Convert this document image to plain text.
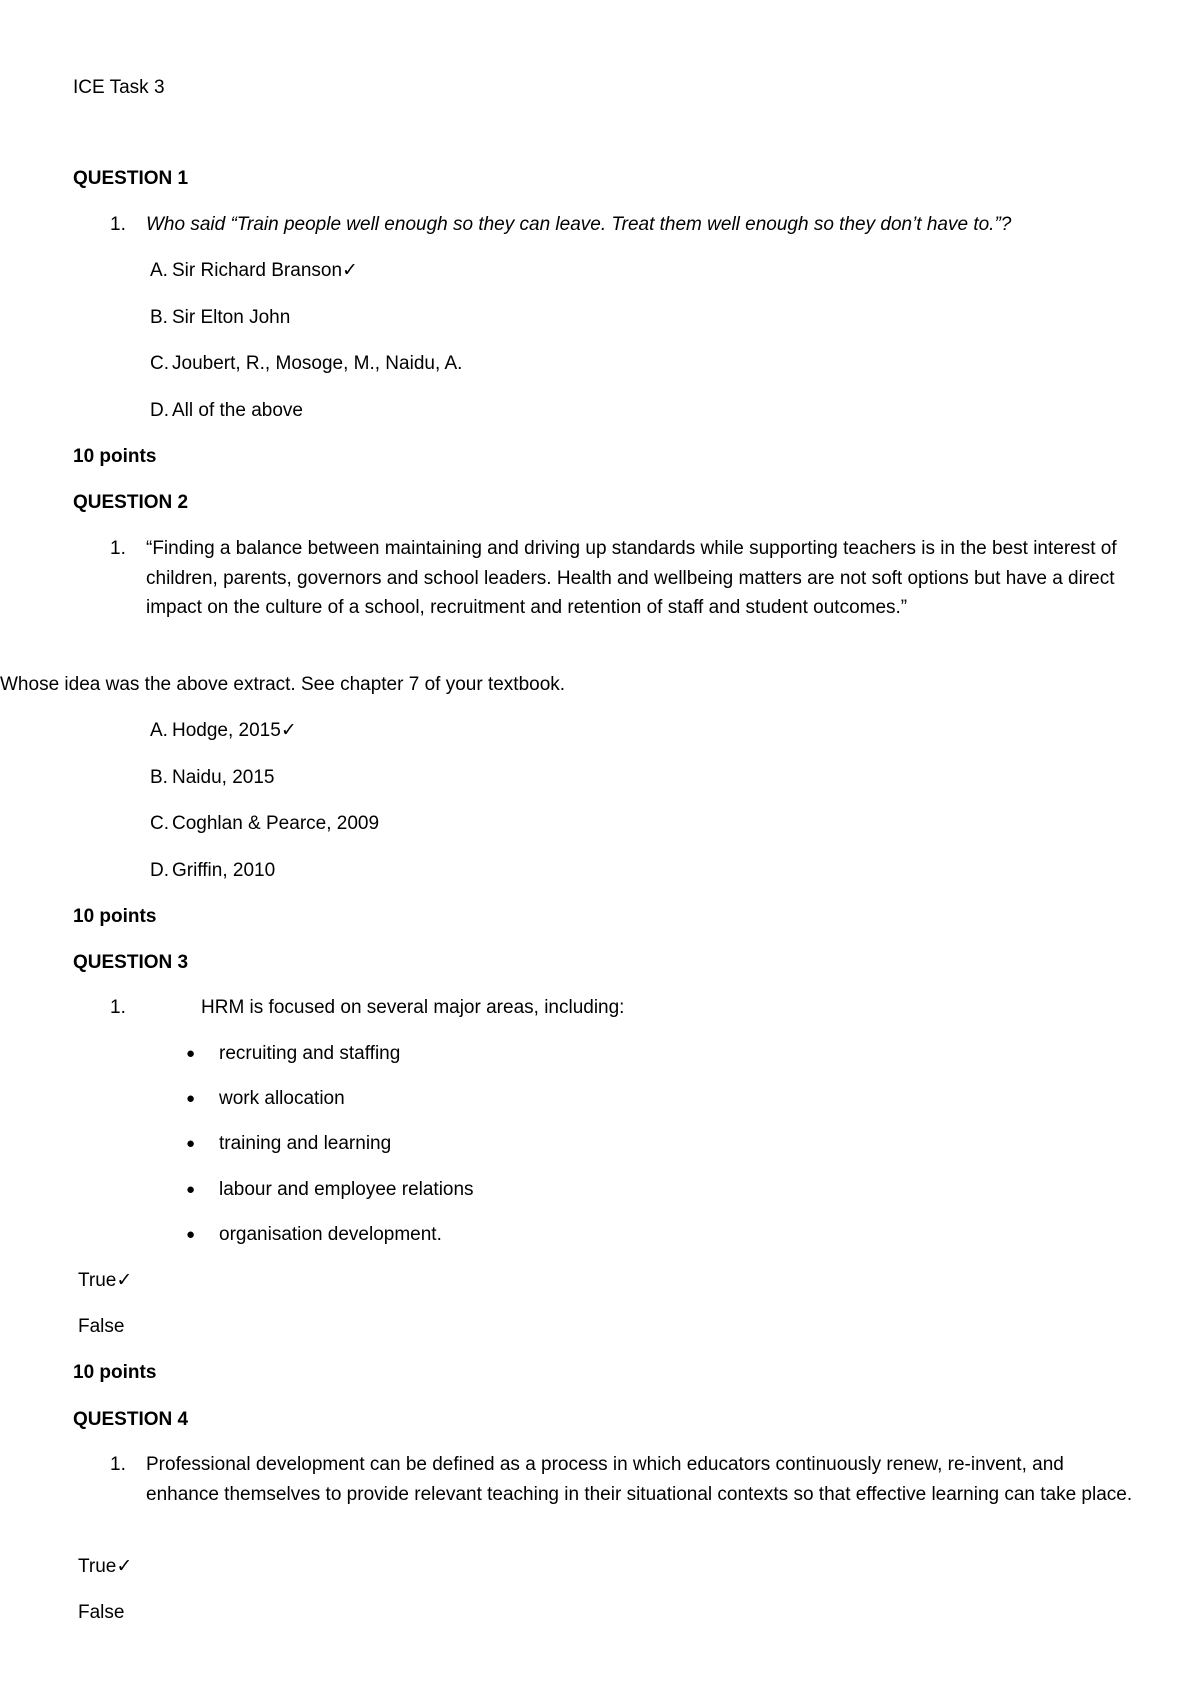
ICE Task 3
QUESTION 1
1. Who said “Train people well enough so they can leave. Treat them well enough so they don’t have to.”?
A. Sir Richard Branson✓
B. Sir Elton John
C. Joubert, R., Mosoge, M., Naidu, A.
D. All of the above
10 points
QUESTION 2
1. “Finding a balance between maintaining and driving up standards while supporting teachers is in the best interest of children, parents, governors and school leaders. Health and wellbeing matters are not soft options but have a direct impact on the culture of a school, recruitment and retention of staff and student outcomes.”
Whose idea was the above extract. See chapter 7 of your textbook.
A. Hodge, 2015✓
B. Naidu, 2015
C. Coghlan & Pearce, 2009
D. Griffin, 2010
10 points
QUESTION 3
1.	HRM is focused on several major areas, including:
● recruiting and staffing
● work allocation
● training and learning
● labour and employee relations
● organisation development.
True✓
False
10 points
QUESTION 4
1. Professional development can be defined as a process in which educators continuously renew, re-invent, and enhance themselves to provide relevant teaching in their situational contexts so that effective learning can take place.
True✓
False
